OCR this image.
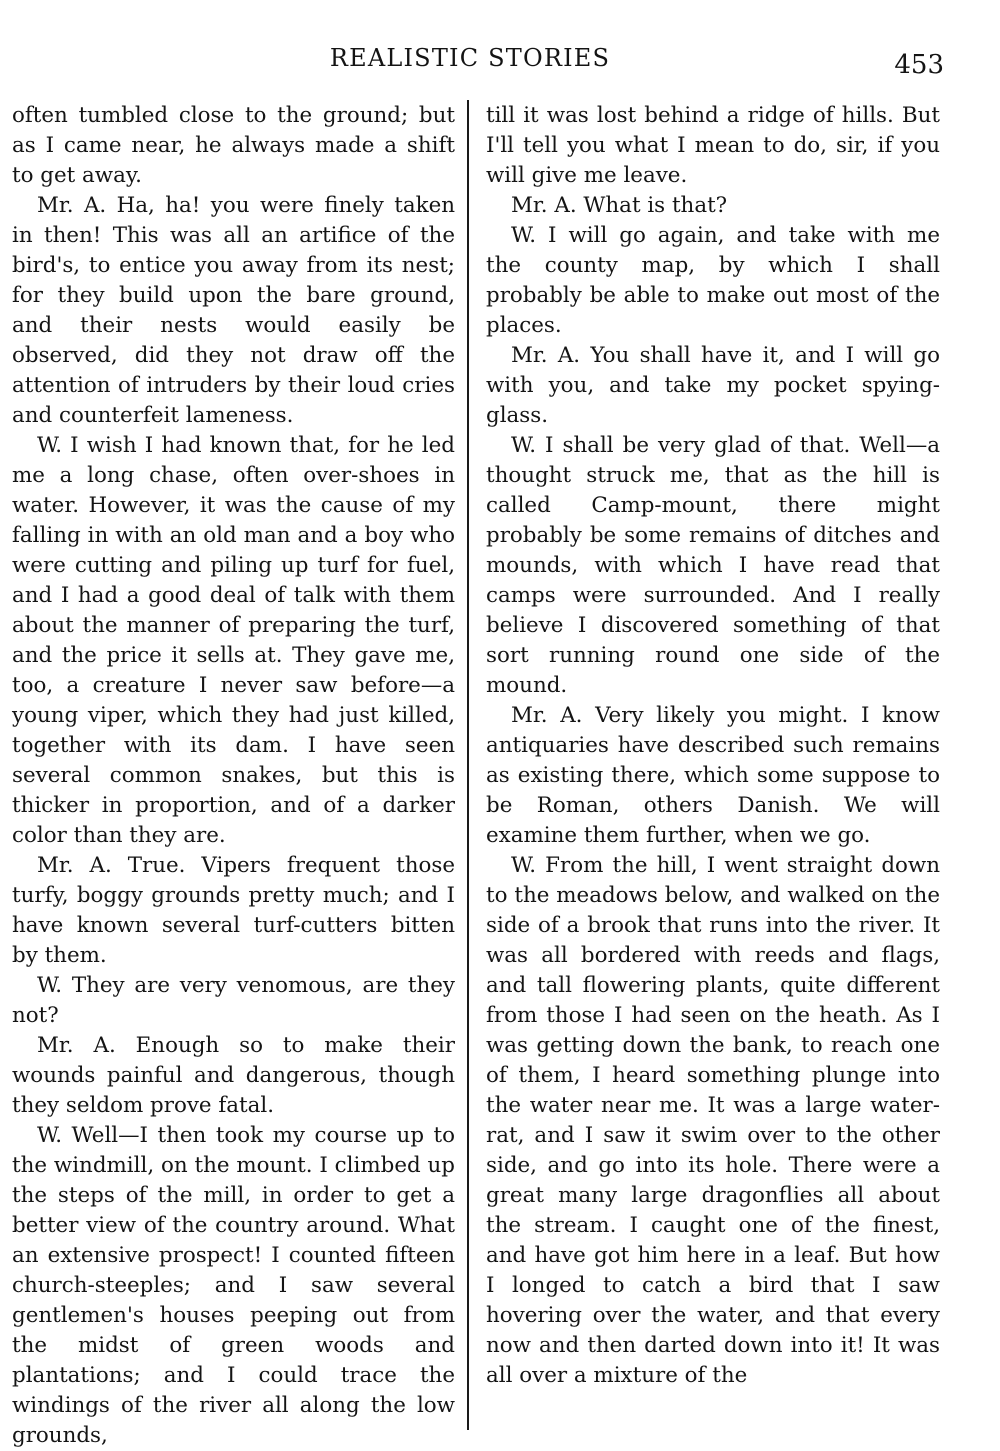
REALISTIC STORIES	453

often tumbled close to the ground; but as I came near, he always made a shift to get away.

Mr. A. Ha, ha! you were finely taken in then! This was all an artifice of the bird's, to entice you away from its nest; for they build upon the bare ground, and their nests would easily be observed, did they not draw off the attention of intruders by their loud cries and counterfeit lameness.

W. I wish I had known that, for he led me a long chase, often over-shoes in water. However, it was the cause of my falling in with an old man and a boy who were cutting and piling up turf for fuel, and I had a good deal of talk with them about the manner of preparing the turf, and the price it sells at. They gave me, too, a creature I never saw before—a young viper, which they had just killed, together with its dam. I have seen several common snakes, but this is thicker in proportion, and of a darker color than they are.

Mr. A. True. Vipers frequent those turfy, boggy grounds pretty much; and I have known several turf-cutters bitten by them.

W. They are very venomous, are they not?

Mr. A. Enough so to make their wounds painful and dangerous, though they seldom prove fatal.

W. Well—I then took my course up to the windmill, on the mount. I climbed up the steps of the mill, in order to get a better view of the country around. What an extensive prospect! I counted fifteen church-steeples; and I saw several gentlemen's houses peeping out from the midst of green woods and plantations; and I could trace the windings of the river all along the low grounds,

till it was lost behind a ridge of hills. But I'll tell you what I mean to do, sir, if you will give me leave.

Mr. A. What is that?

W. I will go again, and take with me the county map, by which I shall probably be able to make out most of the places.

Mr. A. You shall have it, and I will go with you, and take my pocket spying-glass.

W. I shall be very glad of that. Well—a thought struck me, that as the hill is called Camp-mount, there might probably be some remains of ditches and mounds, with which I have read that camps were surrounded. And I really believe I discovered something of that sort running round one side of the mound.

Mr. A. Very likely you might. I know antiquaries have described such remains as existing there, which some suppose to be Roman, others Danish. We will examine them further, when we go.

W. From the hill, I went straight down to the meadows below, and walked on the side of a brook that runs into the river. It was all bordered with reeds and flags, and tall flowering plants, quite different from those I had seen on the heath. As I was getting down the bank, to reach one of them, I heard something plunge into the water near me. It was a large water-rat, and I saw it swim over to the other side, and go into its hole. There were a great many large dragonflies all about the stream. I caught one of the finest, and have got him here in a leaf. But how I longed to catch a bird that I saw hovering over the water, and that every now and then darted down into it! It was all over a mixture of the
